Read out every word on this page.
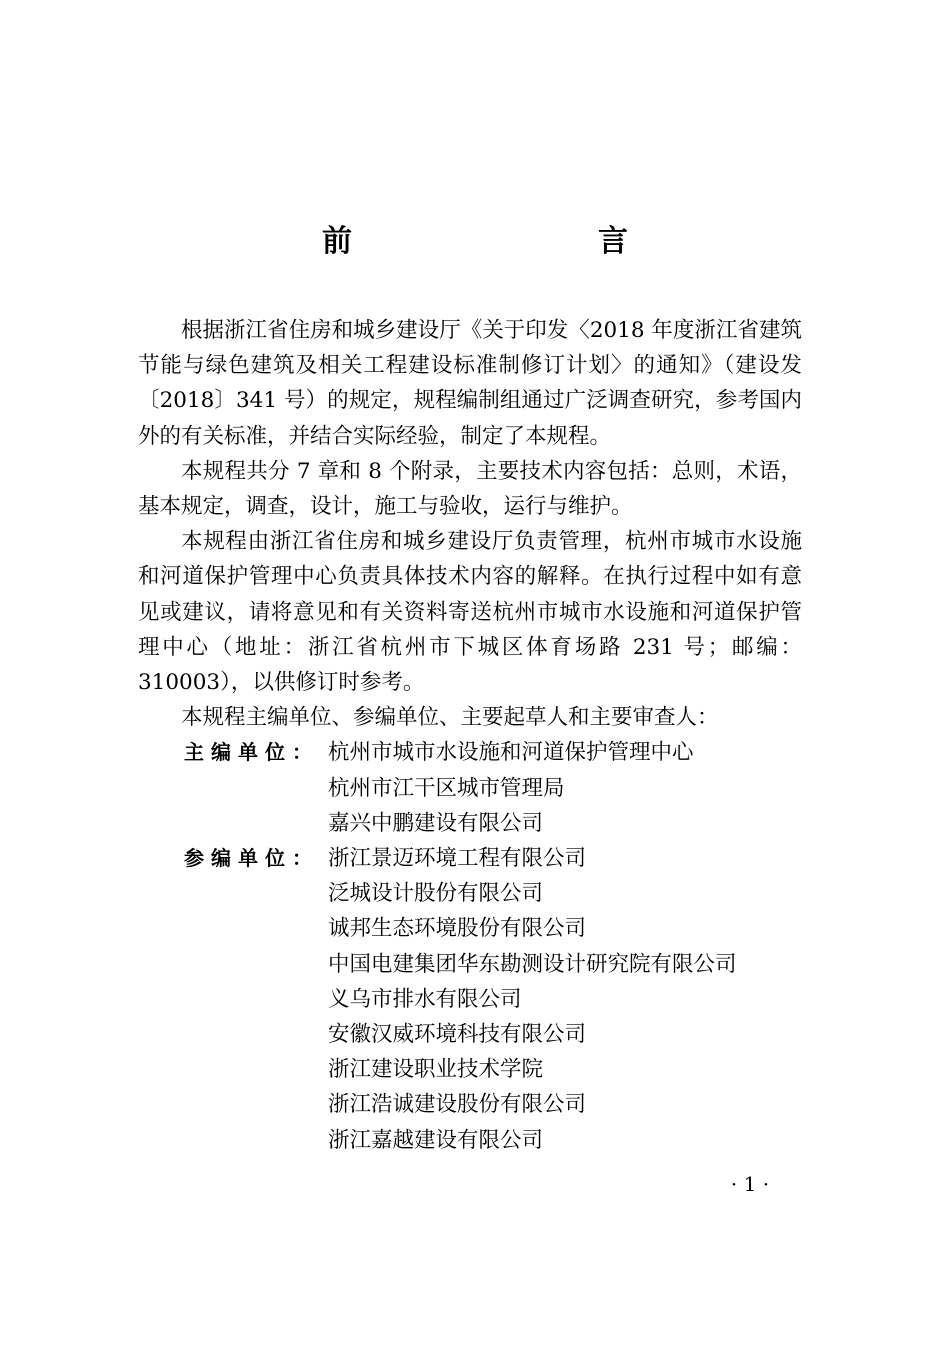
前　　言

根据浙江省住房和城乡建设厅《关于印发〈2018 年度浙江省建筑节能与绿色建筑及相关工程建设标准制修订计划〉的通知》（建设发〔2018〕341 号）的规定，规程编制组通过广泛调查研究，参考国内外的有关标准，并结合实际经验，制定了本规程。

本规程共分 7 章和 8 个附录，主要技术内容包括：总则，术语，基本规定，调查，设计，施工与验收，运行与维护。

本规程由浙江省住房和城乡建设厅负责管理，杭州市城市水设施和河道保护管理中心负责具体技术内容的解释。在执行过程中如有意见或建议，请将意见和有关资料寄送杭州市城市水设施和河道保护管理中心（地址：浙江省杭州市下城区体育场路 231 号；邮编：310003），以供修订时参考。

本规程主编单位、参编单位、主要起草人和主要审查人：

主编单位： 杭州市城市水设施和河道保护管理中心
杭州市江干区城市管理局
嘉兴中鹏建设有限公司
参编单位： 浙江景迈环境工程有限公司
泛城设计股份有限公司
诚邦生态环境股份有限公司
中国电建集团华东勘测设计研究院有限公司
义乌市排水有限公司
安徽汉威环境科技有限公司
浙江建设职业技术学院
浙江浩诚建设股份有限公司
浙江嘉越建设有限公司
· 1 ·
